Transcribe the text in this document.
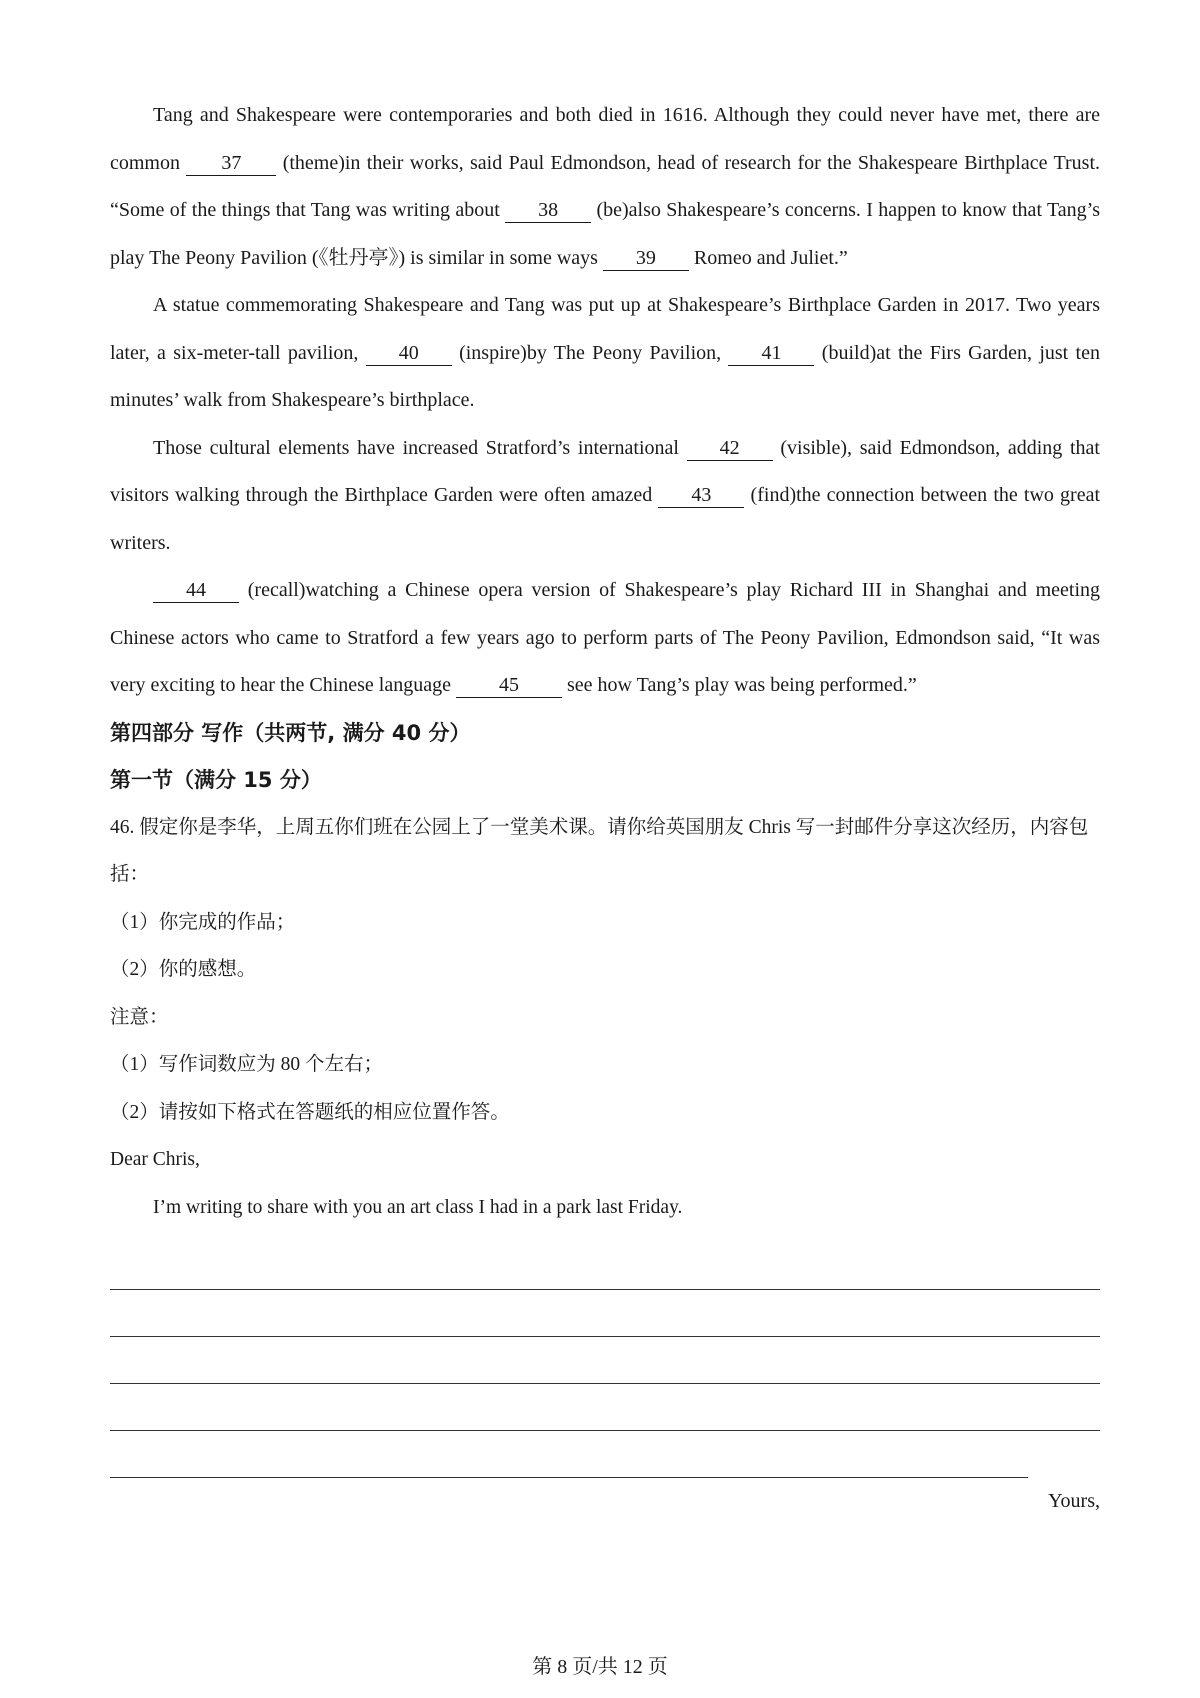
Tang and Shakespeare were contemporaries and both died in 1616. Although they could never have met, there are common 37 (theme)in their works, said Paul Edmondson, head of research for the Shakespeare Birthplace Trust. “Some of the things that Tang was writing about 38 (be)also Shakespeare’s concerns. I happen to know that Tang’s play The Peony Pavilion (《牡丹亭》) is similar in some ways 39 Romeo and Juliet.”

A statue commemorating Shakespeare and Tang was put up at Shakespeare’s Birthplace Garden in 2017. Two years later, a six-meter-tall pavilion, 40 (inspire)by The Peony Pavilion, 41 (build)at the Firs Garden, just ten minutes’ walk from Shakespeare’s birthplace.

Those cultural elements have increased Stratford’s international 42 (visible), said Edmondson, adding that visitors walking through the Birthplace Garden were often amazed 43 (find)the connection between the two great writers.

44 (recall)watching a Chinese opera version of Shakespeare’s play Richard III in Shanghai and meeting Chinese actors who came to Stratford a few years ago to perform parts of The Peony Pavilion, Edmondson said, “It was very exciting to hear the Chinese language 45 see how Tang’s play was being performed.”

第四部分 写作（共两节, 满分 40 分）

第一节（满分 15 分）

46. 假定你是李华，上周五你们班在公园上了一堂美术课。请你给英国朋友 Chris 写一封邮件分享这次经历，内容包括：

（1）你完成的作品；

（2）你的感想。

注意：

（1）写作词数应为 80 个左右；

（2）请按如下格式在答题纸的相应位置作答。

Dear Chris,

I’m writing to share with you an art class I had in a park last Friday.

Yours,

第 8 页/共 12 页
